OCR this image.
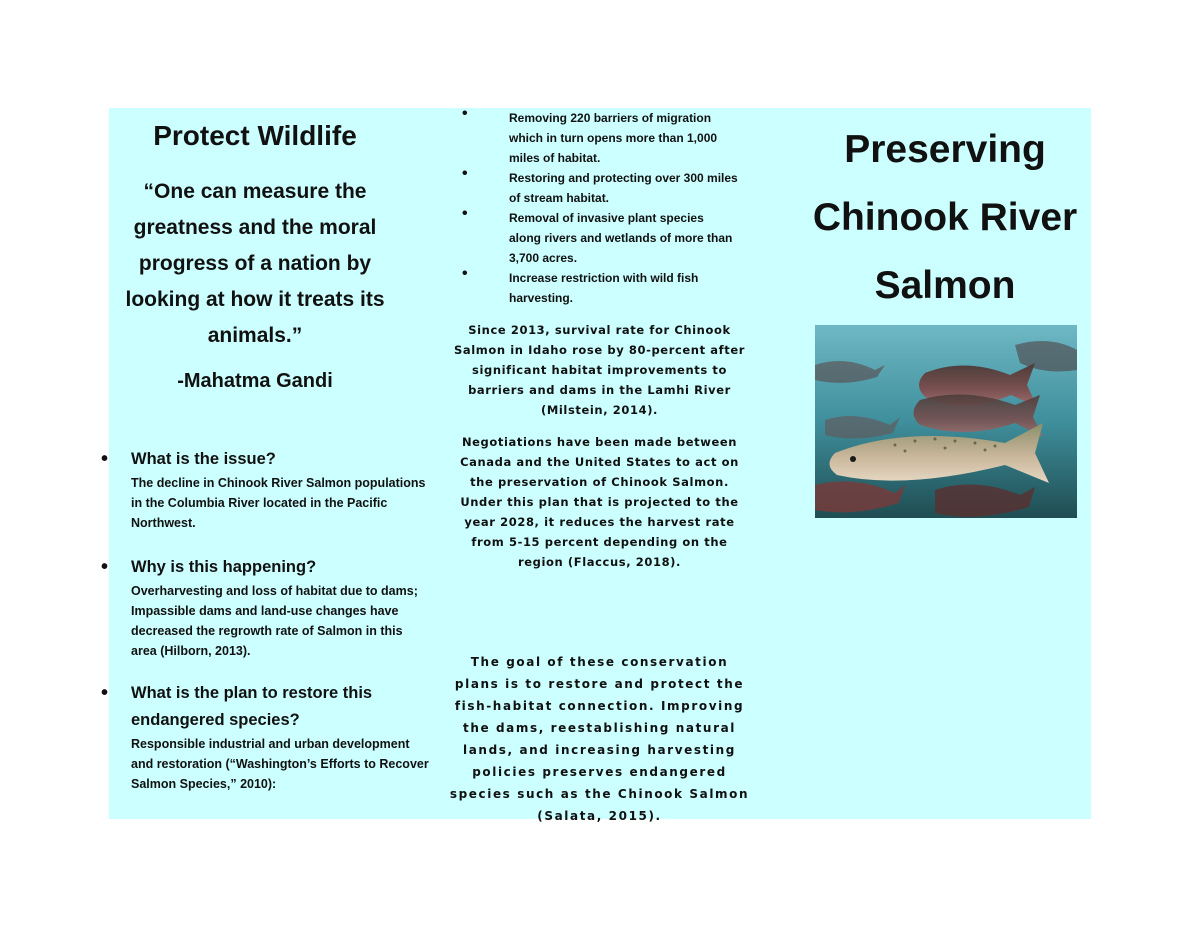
Protect Wildlife
“One can measure the greatness and the moral progress of a nation by looking at how it treats its animals.”
-Mahatma Gandi
• What is the issue?
The decline in Chinook River Salmon populations in the Columbia River located in the Pacific Northwest.
• Why is this happening?
Overharvesting and loss of habitat due to dams; Impassible dams and land-use changes have decreased the regrowth rate of Salmon in this area (Hilborn, 2013).
• What is the plan to restore this endangered species?
Responsible industrial and urban development and restoration (“Washington’s Efforts to Recover Salmon Species,” 2010):
•	Removing 220 barriers of migration which in turn opens more than 1,000 miles of habitat.
•	Restoring and protecting over 300 miles of stream habitat.
•	Removal of invasive plant species along rivers and wetlands of more than 3,700 acres.
•	Increase restriction with wild fish harvesting.
Since 2013, survival rate for Chinook Salmon in Idaho rose by 80-percent after significant habitat improvements to barriers and dams in the Lamhi River (Milstein, 2014).
Negotiations have been made between Canada and the United States to act on the preservation of Chinook Salmon. Under this plan that is projected to the year 2028, it reduces the harvest rate from 5-15 percent depending on the region (Flaccus, 2018).
The goal of these conservation plans is to restore and protect the fish-habitat connection. Improving the dams, reestablishing natural lands, and increasing harvesting policies preserves endangered species such as the Chinook Salmon (Salata, 2015).
Preserving Chinook River Salmon
